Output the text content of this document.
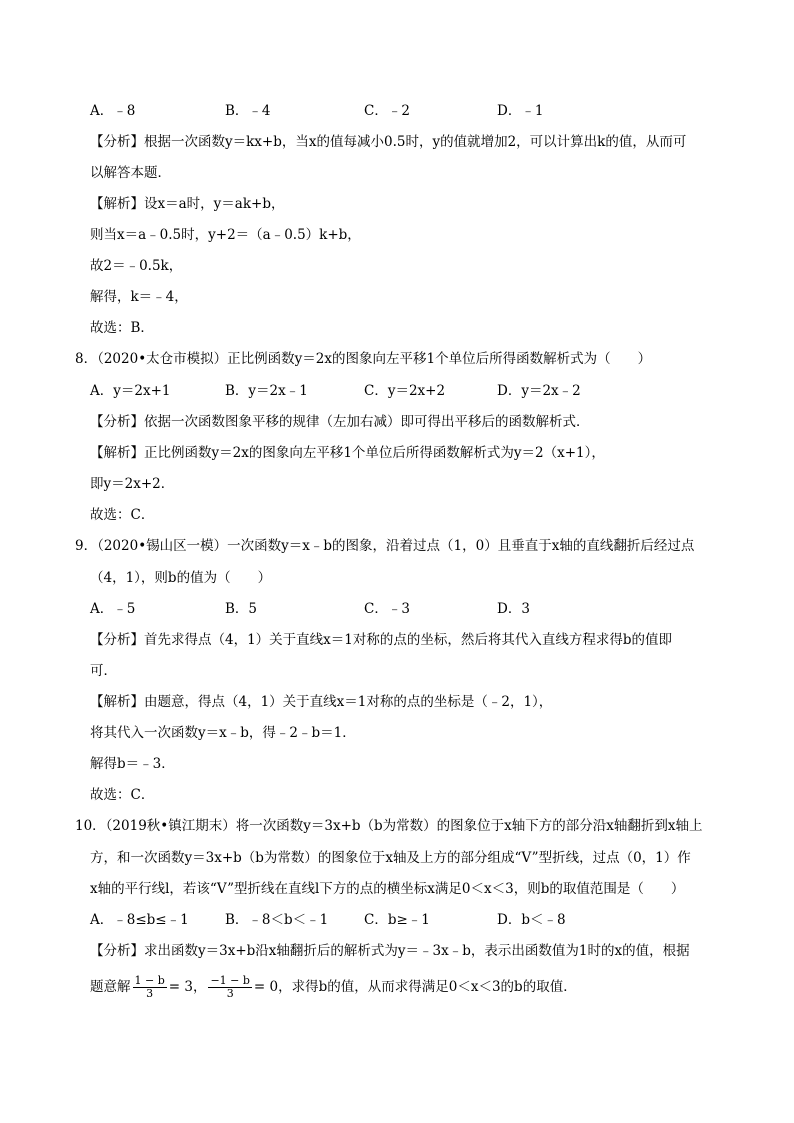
A．﹣8	B．﹣4	C．﹣2	D．﹣1
【分析】根据一次函数y＝kx+b，当x的值每减小0.5时，y的值就增加2，可以计算出k的值，从而可
以解答本题．
【解析】设x＝a时，y＝ak+b，
则当x＝a﹣0.5时，y+2＝（a﹣0.5）k+b，
故2＝﹣0.5k，
解得，k＝﹣4，
故选：B．
8．（2020•太仓市模拟）正比例函数y＝2x的图象向左平移1个单位后所得函数解析式为（　　）
A．y＝2x+1	B．y＝2x﹣1	C．y＝2x+2	D．y＝2x﹣2
【分析】依据一次函数图象平移的规律（左加右减）即可得出平移后的函数解析式．
【解析】正比例函数y＝2x的图象向左平移1个单位后所得函数解析式为y＝2（x+1），
即y＝2x+2．
故选：C．
9．（2020•锡山区一模）一次函数y＝x﹣b的图象，沿着过点（1，0）且垂直于x轴的直线翻折后经过点
（4，1），则b的值为（　　）
A．﹣5	B．5	C．﹣3	D．3
【分析】首先求得点（4，1）关于直线x＝1对称的点的坐标，然后将其代入直线方程求得b的值即
可．
【解析】由题意，得点（4，1）关于直线x＝1对称的点的坐标是（﹣2，1），
将其代入一次函数y＝x﹣b，得﹣2﹣b＝1．
解得b＝﹣3．
故选：C．
10．（2019秋•镇江期末）将一次函数y＝3x+b（b为常数）的图象位于x轴下方的部分沿x轴翻折到x轴上
方，和一次函数y＝3x+b（b为常数）的图象位于x轴及上方的部分组成“V”型折线，过点（0，1）作
x轴的平行线l，若该“V”型折线在直线l下方的点的横坐标x满足0＜x＜3，则b的取值范围是（　　）
A．﹣8≤b≤﹣1	B．﹣8＜b＜﹣1	C．b≥﹣1	D．b＜﹣8
【分析】求出函数y＝3x+b沿x轴翻折后的解析式为y＝﹣3x﹣b，表示出函数值为1时的x的值，根据
题意解 $\frac{1 - b}{3} = 3$， $\frac{-1 - b}{3} = 0$，求得b的值，从而求得满足0＜x＜3的b的取值．
